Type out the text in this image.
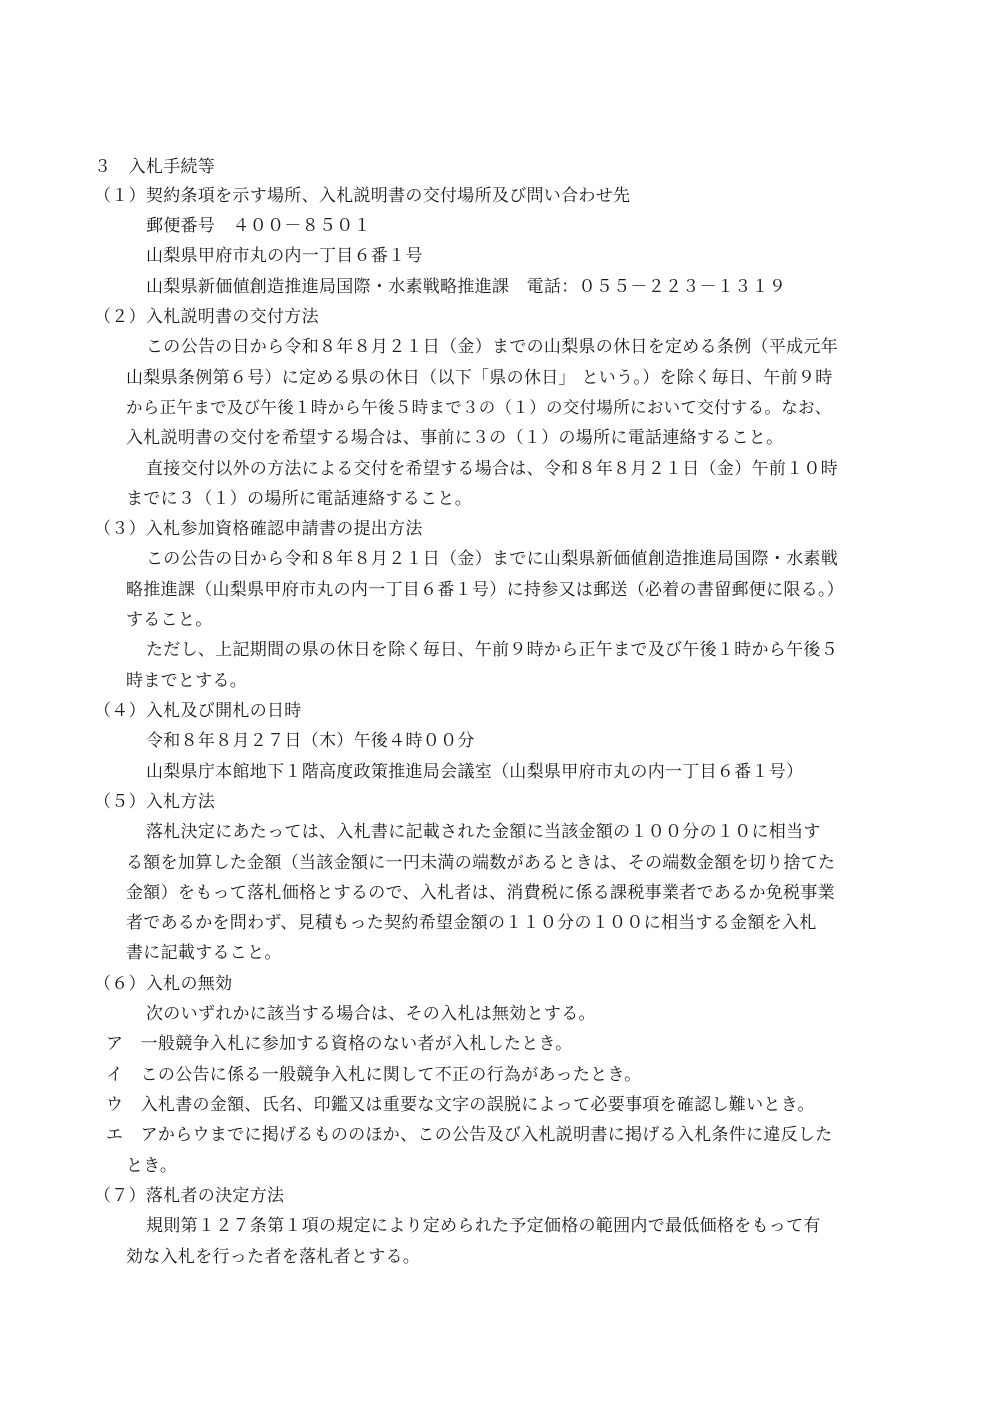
３　入札手続等
（１）契約条項を示す場所、入札説明書の交付場所及び問い合わせ先
郵便番号　４００－８５０１
山梨県甲府市丸の内一丁目６番１号
山梨県新価値創造推進局国際・水素戦略推進課　電話：０５５－２２３－１３１９
（２）入札説明書の交付方法
この公告の日から令和８年８月２１日（金）までの山梨県の休日を定める条例（平成元年
山梨県条例第６号）に定める県の休日（以下「県の休日」 という。）を除く毎日、午前９時
から正午まで及び午後１時から午後５時まで３の（１）の交付場所において交付する。なお、
入札説明書の交付を希望する場合は、事前に３の（１）の場所に電話連絡すること。
直接交付以外の方法による交付を希望する場合は、令和８年８月２１日（金）午前１０時
までに３（１）の場所に電話連絡すること。
（３）入札参加資格確認申請書の提出方法
この公告の日から令和８年８月２１日（金）までに山梨県新価値創造推進局国際・水素戦
略推進課（山梨県甲府市丸の内一丁目６番１号）に持参又は郵送（必着の書留郵便に限る。）
すること。
ただし、上記期間の県の休日を除く毎日、午前９時から正午まで及び午後１時から午後５
時までとする。
（４）入札及び開札の日時
令和８年８月２７日（木）午後４時００分
山梨県庁本館地下１階高度政策推進局会議室（山梨県甲府市丸の内一丁目６番１号）
（５）入札方法
落札決定にあたっては、入札書に記載された金額に当該金額の１００分の１０に相当す
る額を加算した金額（当該金額に一円未満の端数があるときは、その端数金額を切り捨てた
金額）をもって落札価格とするので、入札者は、消費税に係る課税事業者であるか免税事業
者であるかを問わず、見積もった契約希望金額の１１０分の１００に相当する金額を入札
書に記載すること。
（６）入札の無効
次のいずれかに該当する場合は、その入札は無効とする。
ア　一般競争入札に参加する資格のない者が入札したとき。
イ　この公告に係る一般競争入札に関して不正の行為があったとき。
ウ　入札書の金額、氏名、印鑑又は重要な文字の誤脱によって必要事項を確認し難いとき。
エ　アからウまでに掲げるもののほか、この公告及び入札説明書に掲げる入札条件に違反した
とき。
（７）落札者の決定方法
規則第１２７条第１項の規定により定められた予定価格の範囲内で最低価格をもって有
効な入札を行った者を落札者とする。
